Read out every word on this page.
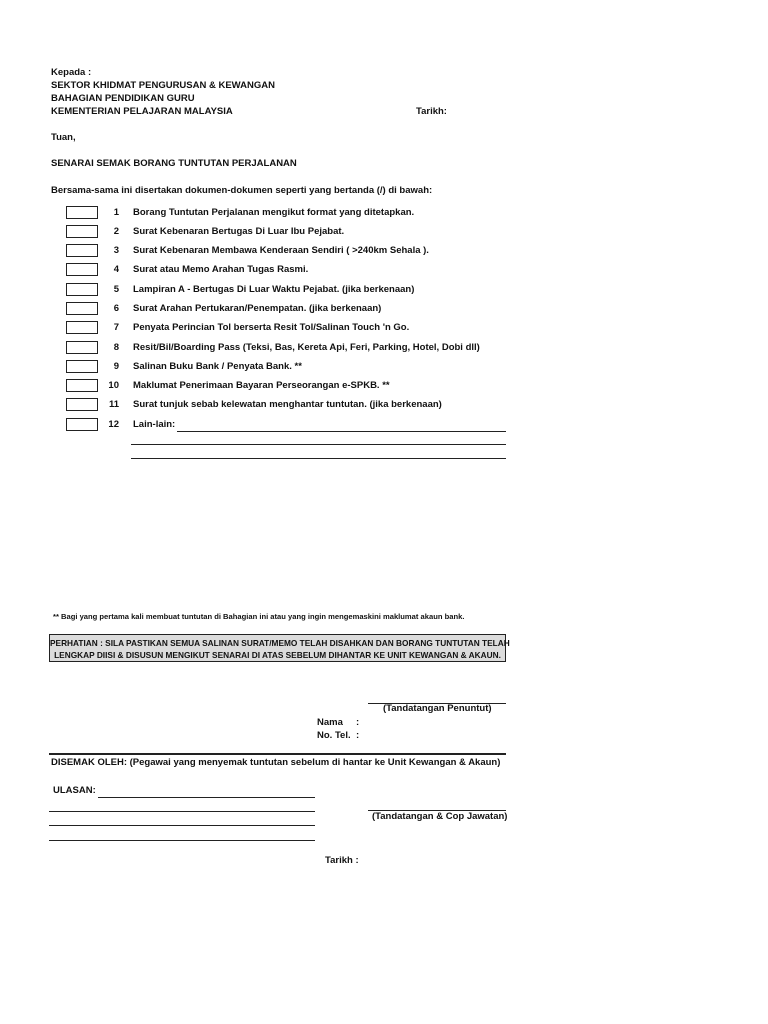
Kepada :
SEKTOR KHIDMAT PENGURUSAN & KEWANGAN
BAHAGIAN PENDIDIKAN GURU
KEMENTERIAN PELAJARAN MALAYSIA	Tarikh:
Tuan,
SENARAI SEMAK BORANG TUNTUTAN PERJALANAN
Bersama-sama ini disertakan dokumen-dokumen seperti yang bertanda (/) di bawah:
1 Borang Tuntutan Perjalanan mengikut format yang ditetapkan.
2 Surat Kebenaran Bertugas Di Luar Ibu Pejabat.
3 Surat Kebenaran Membawa Kenderaan Sendiri ( >240km Sehala ).
4 Surat atau Memo Arahan Tugas Rasmi.
5 Lampiran A - Bertugas Di Luar Waktu Pejabat. (jika berkenaan)
6 Surat Arahan Pertukaran/Penempatan. (jika berkenaan)
7 Penyata Perincian Tol berserta Resit Tol/Salinan Touch 'n Go.
8 Resit/Bil/Boarding Pass (Teksi, Bas, Kereta Api, Feri, Parking, Hotel, Dobi dll)
9 Salinan Buku Bank / Penyata Bank. **
10 Maklumat Penerimaan Bayaran Perseorangan e-SPKB. **
11 Surat tunjuk sebab kelewatan menghantar tuntutan. (jika berkenaan)
12 Lain-lain:
** Bagi yang pertama kali membuat tuntutan di Bahagian ini atau yang ingin mengemaskini maklumat akaun bank.
PERHATIAN : SILA PASTIKAN SEMUA SALINAN SURAT/MEMO TELAH DISAHKAN DAN BORANG TUNTUTAN TELAH
LENGKAP DIISI & DISUSUN MENGIKUT SENARAI DI ATAS SEBELUM DIHANTAR KE UNIT KEWANGAN & AKAUN.
(Tandatangan Penuntut)
Nama :
No. Tel. :
DISEMAK OLEH: (Pegawai yang menyemak tuntutan sebelum di hantar ke Unit Kewangan & Akaun)
ULASAN:
(Tandatangan & Cop Jawatan)
Tarikh :
